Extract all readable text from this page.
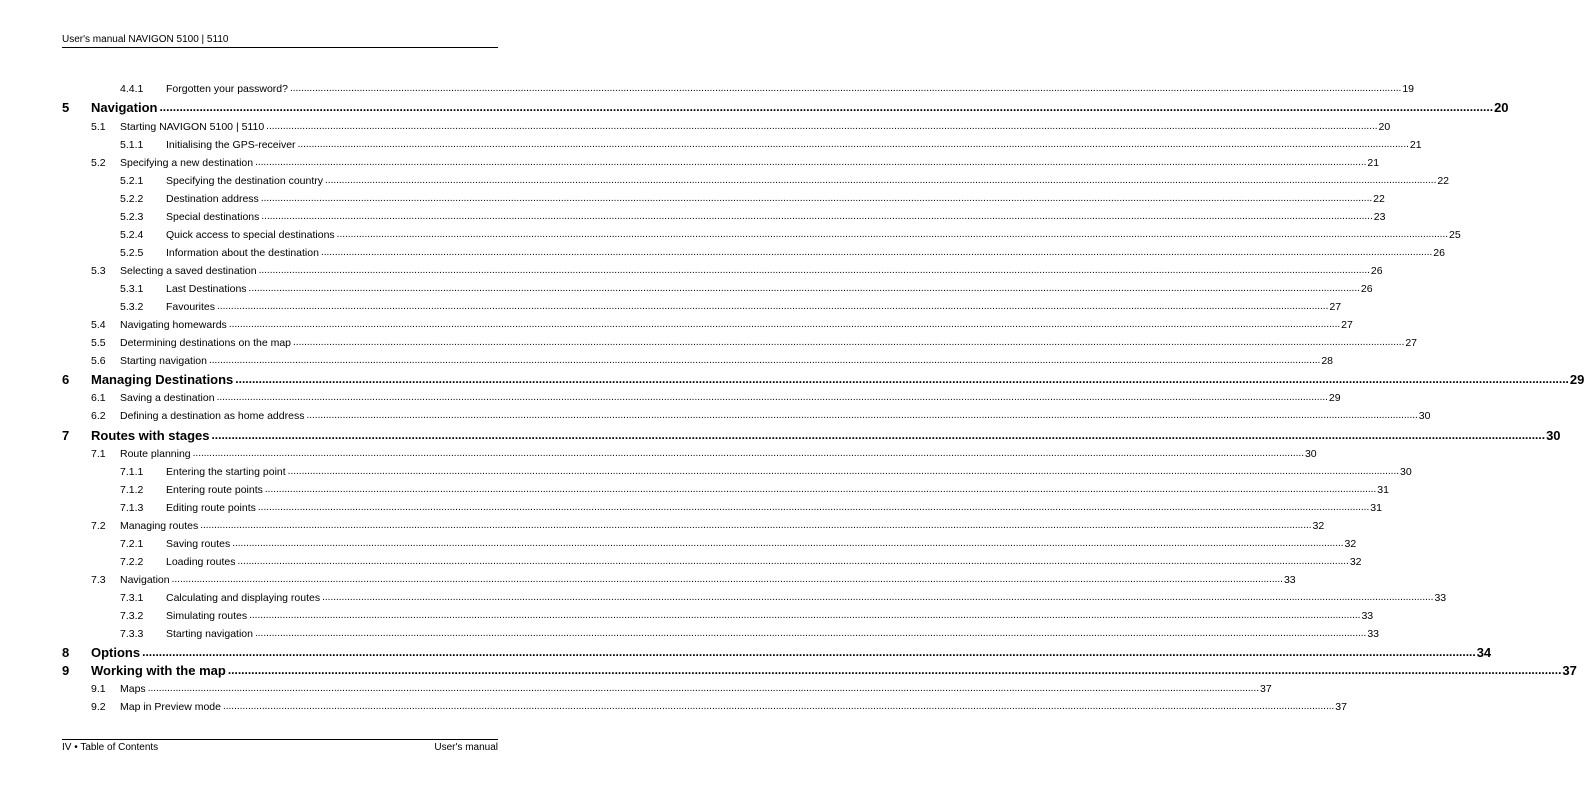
User's manual NAVIGON 5100 | 5110
4.4.1	Forgotten your password? ................................................................................................................................................................................................................................................................................................................................................................................................................ 19
5	Navigation ................................................................................................................................................................................................................................................................................................................................................................................................................ 20
5.1	Starting NAVIGON 5100 | 5110 ................................................................................................................................................................................................................................................................................................................................................................................................................ 20
5.1.1	Initialising the GPS-receiver ................................................................................................................................................................................................................................................................................................................................................................................................................ 21
5.2	Specifying a new destination ................................................................................................................................................................................................................................................................................................................................................................................................................ 21
5.2.1	Specifying the destination country ................................................................................................................................................................................................................................................................................................................................................................................................................ 22
5.2.2	Destination address ................................................................................................................................................................................................................................................................................................................................................................................................................ 22
5.2.3	Special destinations ................................................................................................................................................................................................................................................................................................................................................................................................................ 23
5.2.4	Quick access to special destinations ................................................................................................................................................................................................................................................................................................................................................................................................................ 25
5.2.5	Information about the destination ................................................................................................................................................................................................................................................................................................................................................................................................................ 26
5.3	Selecting a saved destination ................................................................................................................................................................................................................................................................................................................................................................................................................ 26
5.3.1	Last Destinations ................................................................................................................................................................................................................................................................................................................................................................................................................ 26
5.3.2	Favourites ................................................................................................................................................................................................................................................................................................................................................................................................................ 27
5.4	Navigating homewards ................................................................................................................................................................................................................................................................................................................................................................................................................ 27
5.5	Determining destinations on the map ................................................................................................................................................................................................................................................................................................................................................................................................................ 27
5.6	Starting navigation ................................................................................................................................................................................................................................................................................................................................................................................................................ 28
6	Managing Destinations ................................................................................................................................................................................................................................................................................................................................................................................................................ 29
6.1	Saving a destination ................................................................................................................................................................................................................................................................................................................................................................................................................ 29
6.2	Defining a destination as home address ................................................................................................................................................................................................................................................................................................................................................................................................................ 30
7	Routes with stages ................................................................................................................................................................................................................................................................................................................................................................................................................ 30
7.1	Route planning ................................................................................................................................................................................................................................................................................................................................................................................................................ 30
7.1.1	Entering the starting point ................................................................................................................................................................................................................................................................................................................................................................................................................ 30
7.1.2	Entering route points ................................................................................................................................................................................................................................................................................................................................................................................................................ 31
7.1.3	Editing route points ................................................................................................................................................................................................................................................................................................................................................................................................................ 31
7.2	Managing routes ................................................................................................................................................................................................................................................................................................................................................................................................................ 32
7.2.1	Saving routes ................................................................................................................................................................................................................................................................................................................................................................................................................ 32
7.2.2	Loading routes ................................................................................................................................................................................................................................................................................................................................................................................................................ 32
7.3	Navigation ................................................................................................................................................................................................................................................................................................................................................................................................................ 33
7.3.1	Calculating and displaying routes ................................................................................................................................................................................................................................................................................................................................................................................................................ 33
7.3.2	Simulating routes ................................................................................................................................................................................................................................................................................................................................................................................................................ 33
7.3.3	Starting navigation ................................................................................................................................................................................................................................................................................................................................................................................................................ 33
8	Options ................................................................................................................................................................................................................................................................................................................................................................................................................ 34
9	Working with the map ................................................................................................................................................................................................................................................................................................................................................................................................................ 37
9.1	Maps ................................................................................................................................................................................................................................................................................................................................................................................................................ 37
9.2	Map in Preview mode ................................................................................................................................................................................................................................................................................................................................................................................................................ 37
IV • Table of Contents	User's manual
